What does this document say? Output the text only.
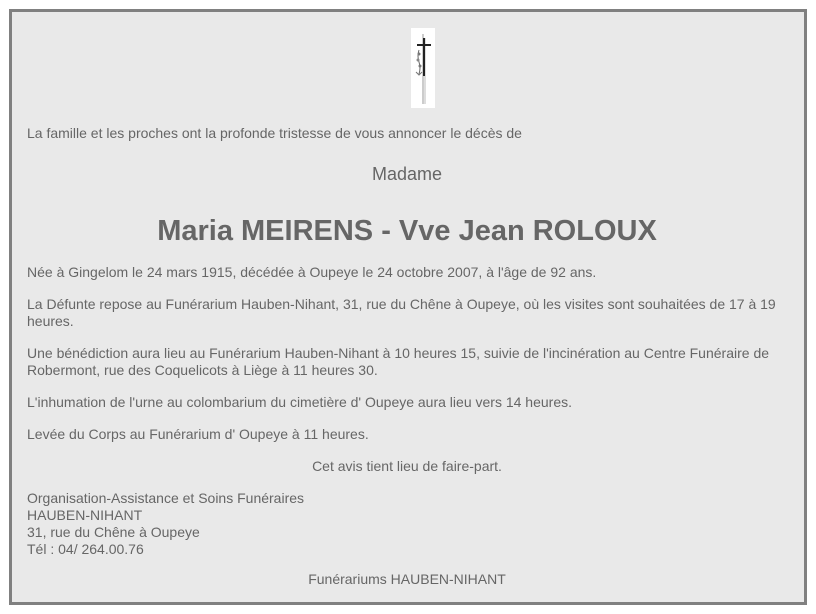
La famille et les proches ont la profonde tristesse de vous annoncer le décès de

Madame

Maria MEIRENS - Vve Jean ROLOUX

Née à Gingelom le 24 mars 1915, décédée à Oupeye le 24 octobre 2007, à l'âge de 92 ans.

La Défunte repose au Funérarium Hauben-Nihant, 31, rue du Chêne à Oupeye, où les visites sont souhaitées de 17 à 19 heures.

Une bénédiction aura lieu au Funérarium Hauben-Nihant à 10 heures 15, suivie de l'incinération au Centre Funéraire de Robermont, rue des Coquelicots à Liège à 11 heures 30.

L'inhumation de l'urne au colombarium du cimetière d' Oupeye aura lieu vers 14 heures.

Levée du Corps au Funérarium d' Oupeye à 11 heures.

Cet avis tient lieu de faire-part.

Organisation-Assistance et Soins Funéraires
HAUBEN-NIHANT
31, rue du Chêne à Oupeye
Tél : 04/ 264.00.76

Funérariums HAUBEN-NIHANT
